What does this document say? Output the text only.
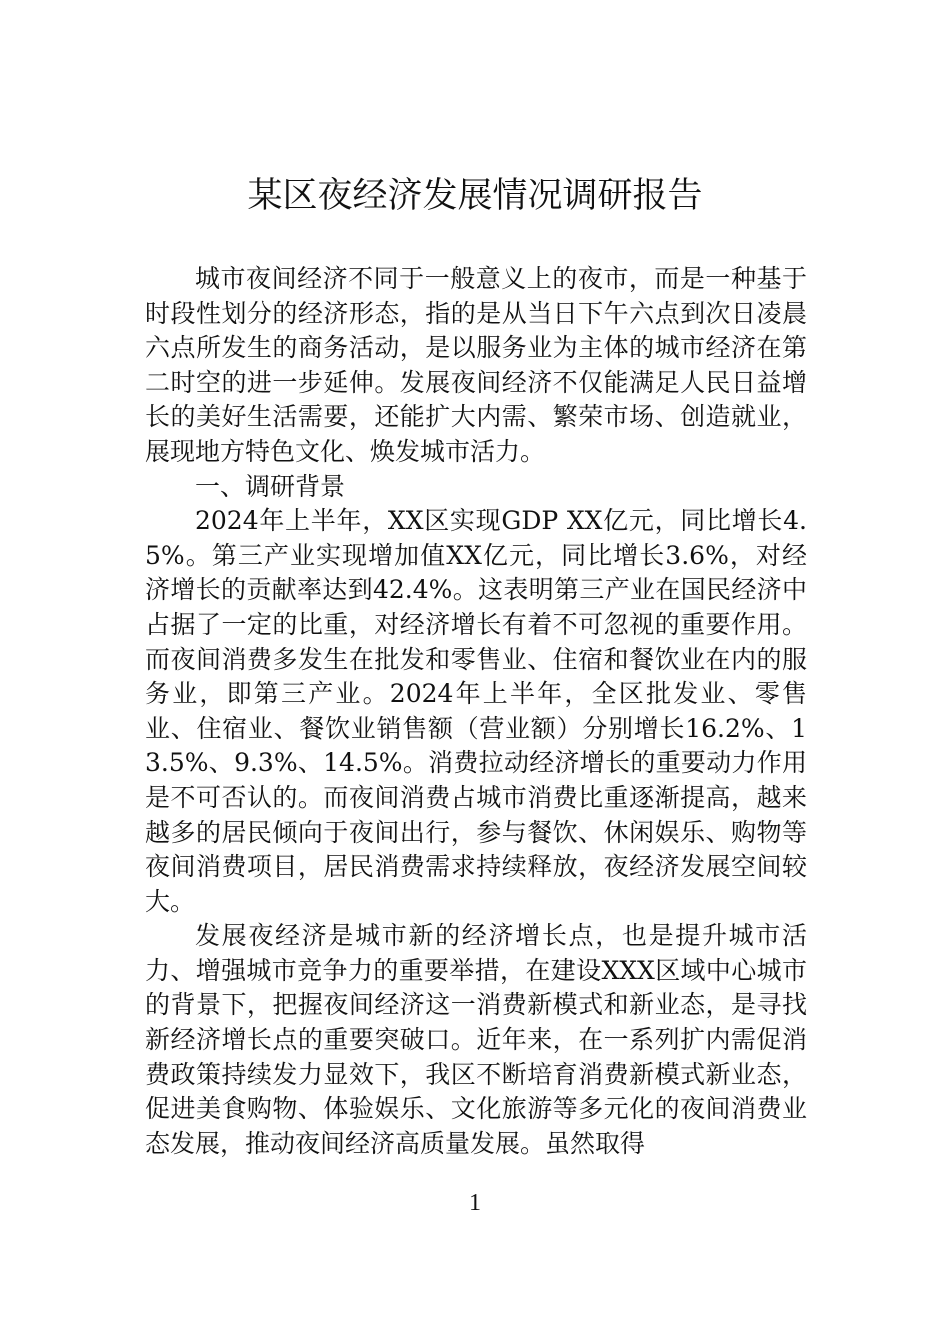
某区夜经济发展情况调研报告

城市夜间经济不同于一般意义上的夜市，而是一种基于时段性划分的经济形态，指的是从当日下午六点到次日凌晨六点所发生的商务活动，是以服务业为主体的城市经济在第二时空的进一步延伸。发展夜间经济不仅能满足人民日益增长的美好生活需要，还能扩大内需、繁荣市场、创造就业，展现地方特色文化、焕发城市活力。

一、调研背景

2024年上半年，XX区实现GDP XX亿元，同比增长4.5%。第三产业实现增加值XX亿元，同比增长3.6%，对经济增长的贡献率达到42.4%。这表明第三产业在国民经济中占据了一定的比重，对经济增长有着不可忽视的重要作用。而夜间消费多发生在批发和零售业、住宿和餐饮业在内的服务业，即第三产业。2024年上半年，全区批发业、零售业、住宿业、餐饮业销售额（营业额）分别增长16.2%、13.5%、9.3%、14.5%。消费拉动经济增长的重要动力作用是不可否认的。而夜间消费占城市消费比重逐渐提高，越来越多的居民倾向于夜间出行，参与餐饮、休闲娱乐、购物等夜间消费项目，居民消费需求持续释放，夜经济发展空间较大。

发展夜经济是城市新的经济增长点，也是提升城市活力、增强城市竞争力的重要举措，在建设XXX区域中心城市的背景下，把握夜间经济这一消费新模式和新业态，是寻找新经济增长点的重要突破口。近年来，在一系列扩内需促消费政策持续发力显效下，我区不断培育消费新模式新业态，促进美食购物、体验娱乐、文化旅游等多元化的夜间消费业态发展，推动夜间经济高质量发展。虽然取得

1
